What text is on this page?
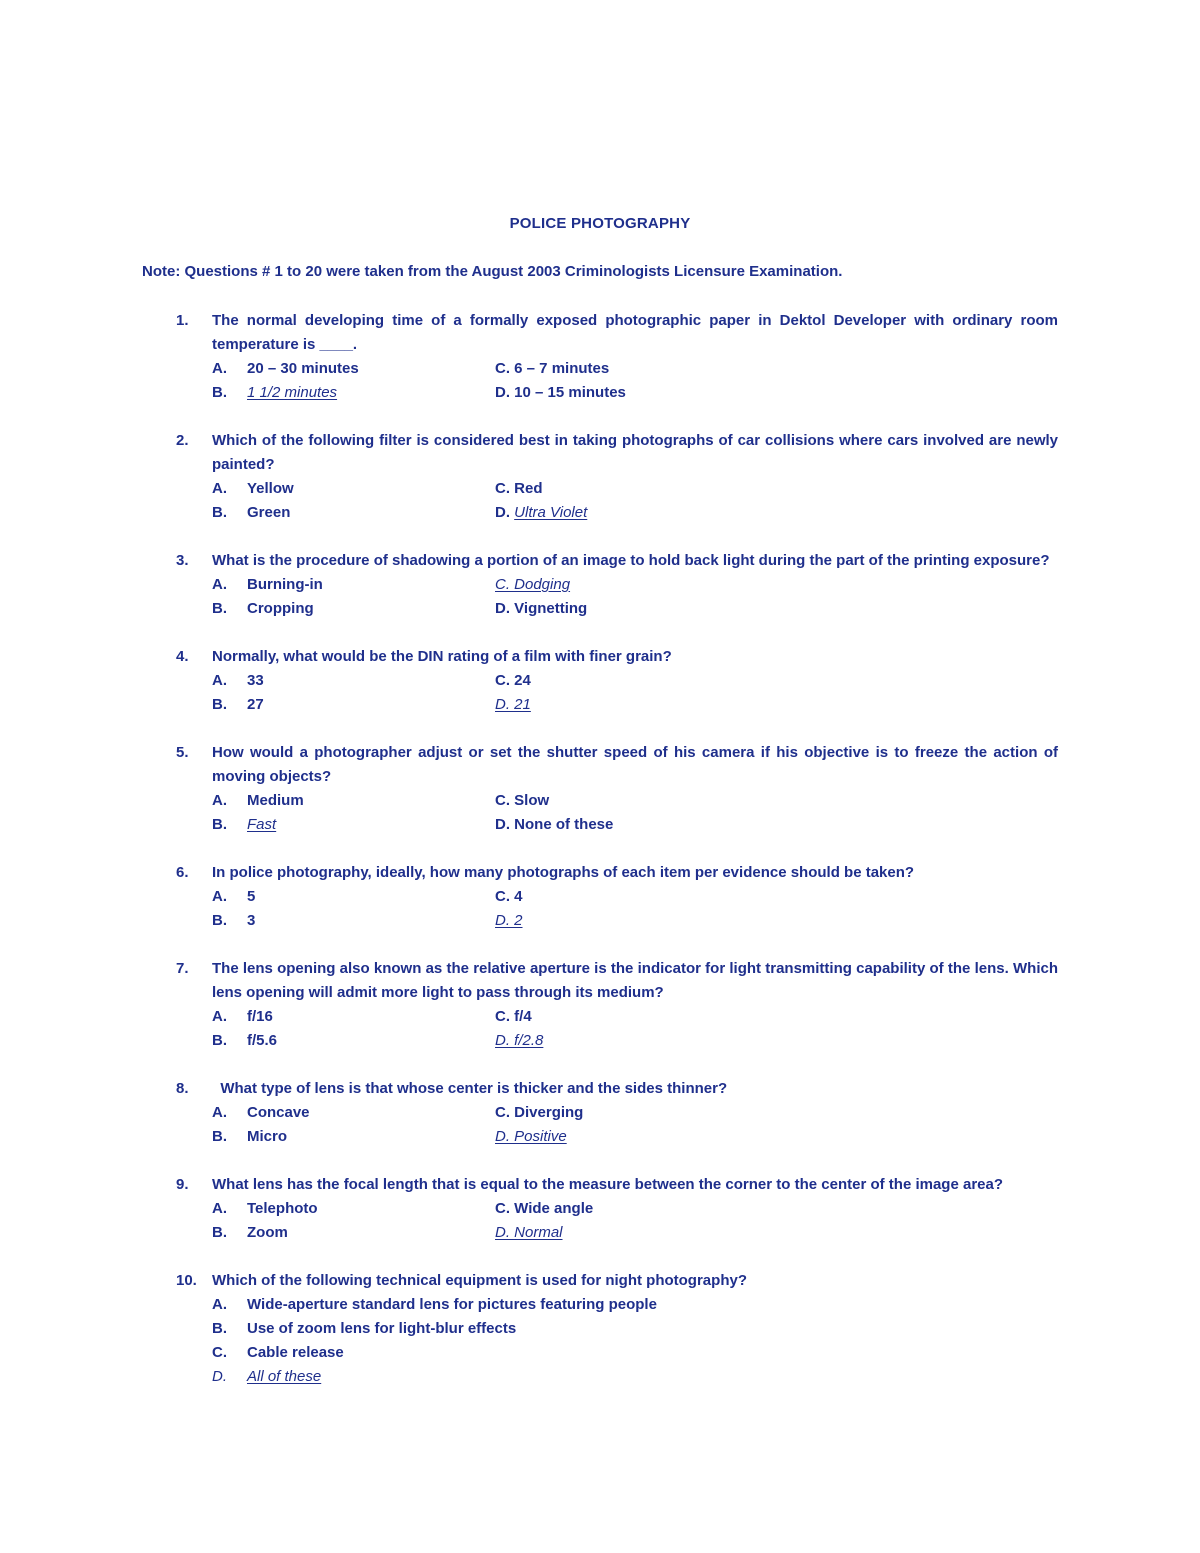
POLICE PHOTOGRAPHY
Note: Questions # 1 to 20 were taken from the August 2003 Criminologists Licensure Examination.
1. The normal developing time of a formally exposed photographic paper in Dektol Developer with ordinary room temperature is ____.
A. 20 – 30 minutes	C. 6 – 7 minutes
B. 1 1/2 minutes	D. 10 – 15 minutes
2. Which of the following filter is considered best in taking photographs of car collisions where cars involved are newly painted?
A. Yellow	C. Red
B. Green	D. Ultra Violet
3. What is the procedure of shadowing a portion of an image to hold back light during the part of the printing exposure?
A. Burning-in	C. Dodging
B. Cropping	D. Vignetting
4. Normally, what would be the DIN rating of a film with finer grain?
A. 33	C. 24
B. 27	D. 21
5. How would a photographer adjust or set the shutter speed of his camera if his objective is to freeze the action of moving objects?
A. Medium	C. Slow
B. Fast	D. None of these
6. In police photography, ideally, how many photographs of each item per evidence should be taken?
A. 5	C. 4
B. 3	D. 2
7. The lens opening also known as the relative aperture is the indicator for light transmitting capability of the lens. Which lens opening will admit more light to pass through its medium?
A. f/16	C. f/4
B. f/5.6	D. f/2.8
8. What type of lens is that whose center is thicker and the sides thinner?
A. Concave	C. Diverging
B. Micro	D. Positive
9. What lens has the focal length that is equal to the measure between the corner to the center of the image area?
A. Telephoto	C. Wide angle
B. Zoom	D. Normal
10. Which of the following technical equipment is used for night photography?
A. Wide-aperture standard lens for pictures featuring people
B. Use of zoom lens for light-blur effects
C. Cable release
D. All of these
